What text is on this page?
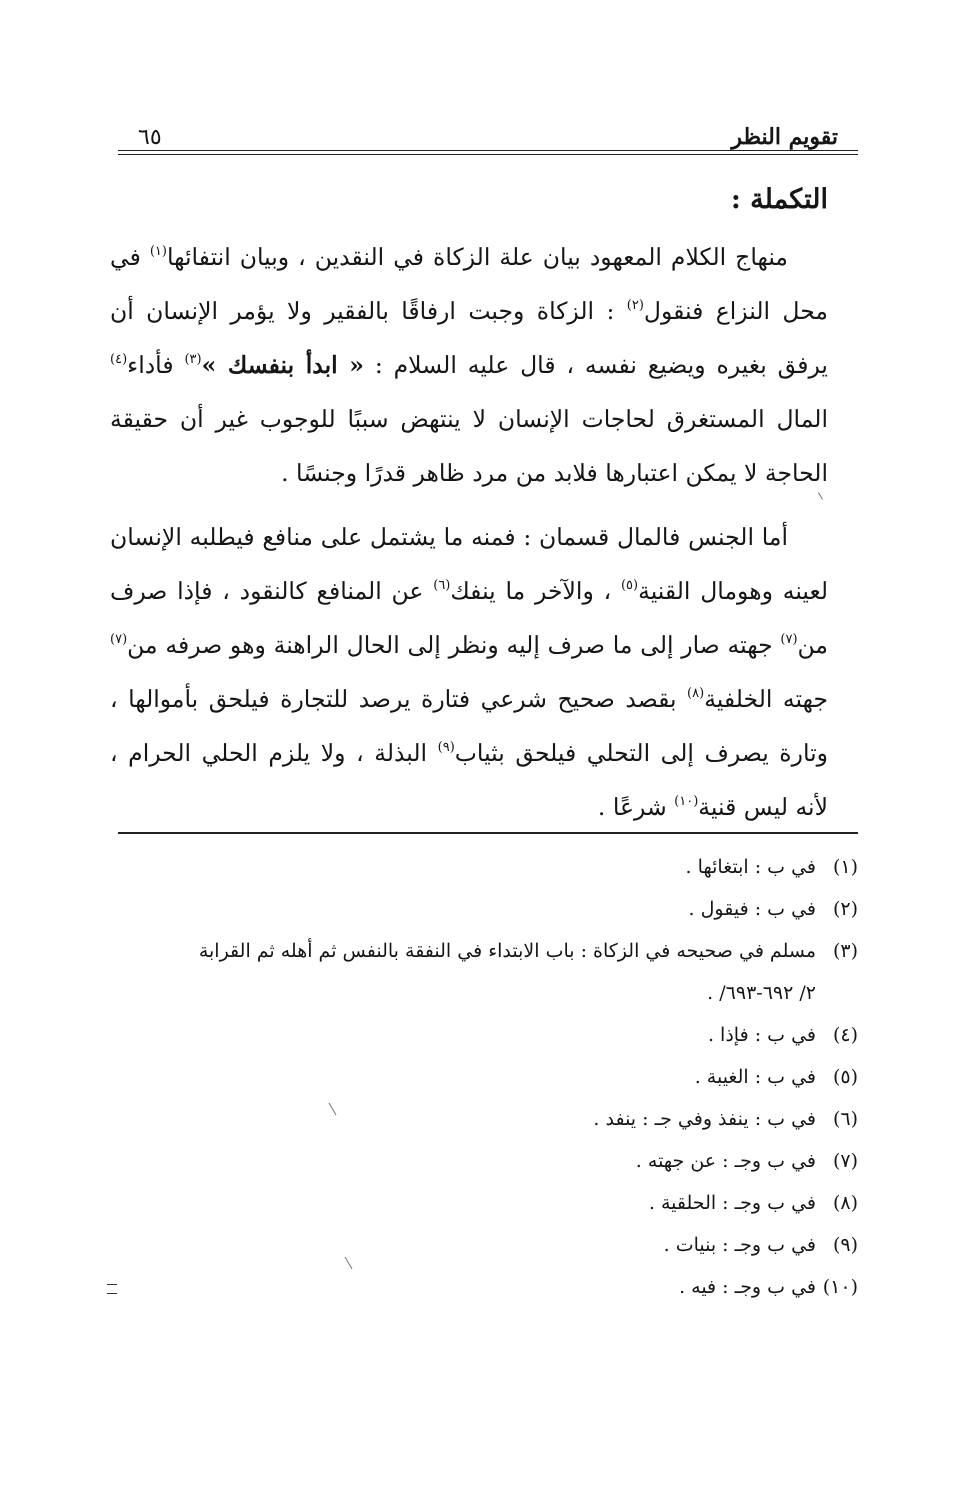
تقويم النظر
٦٥
التكملة :

منهاج الكلام المعهود بيان علة الزكاة في النقدين ، وبيان انتفائها$^{(١)}$ في محل النزاع فنقول$^{(٢)}$ : الزكاة وجبت ارفاقًا بالفقير ولا يؤمر الإنسان أن يرفق بغيره ويضيع نفسه ، قال عليه السلام : « ابدأ بنفسك »$^{(٣)}$ فأداء$^{(٤)}$ المال المستغرق لحاجات الإنسان لا ينتهض سببًا للوجوب غير أن حقيقة الحاجة لا يمكن اعتبارها فلابد من مرد ظاهر قدرًا وجنسًا .

أما الجنس فالمال قسمان : فمنه ما يشتمل على منافع فيطلبه الإنسان لعينه وهومال القنية$^{(٥)}$ ، والآخر ما ينفك$^{(٦)}$ عن المنافع كالنقود ، فإذا صرف من$^{(٧)}$ جهته صار إلى ما صرف إليه ونظر إلى الحال الراهنة وهو صرفه من$^{(٧)}$ جهته الخلفية$^{(٨)}$ بقصد صحيح شرعي فتارة يرصد للتجارة فيلحق بأموالها ، وتارة يصرف إلى التحلي فيلحق بثياب$^{(٩)}$ البذلة ، ولا يلزم الحلي الحرام ، لأنه ليس قنية$^{(١٠)}$ شرعًا .

(١)
في ب : ابتغائها .
(٢)
في ب : فيقول .
(٣)
مسلم في صحيحه في الزكاة : باب الابتداء في النفقة بالنفس ثم أهله ثم القرابة
٢/ ٦٩٢-٦٩٣/ .
(٤)
في ب : فإذا .
(٥)
في ب : الغيبة .
(٦)
في ب : ينفذ وفي جـ : ينفد .
(٧)
في ب وجـ : عن جهته .
(٨)
في ب وجـ : الحلقية .
(٩)
في ب وجـ : بنيات .
(١٠)
في ب وجـ : فيه .
